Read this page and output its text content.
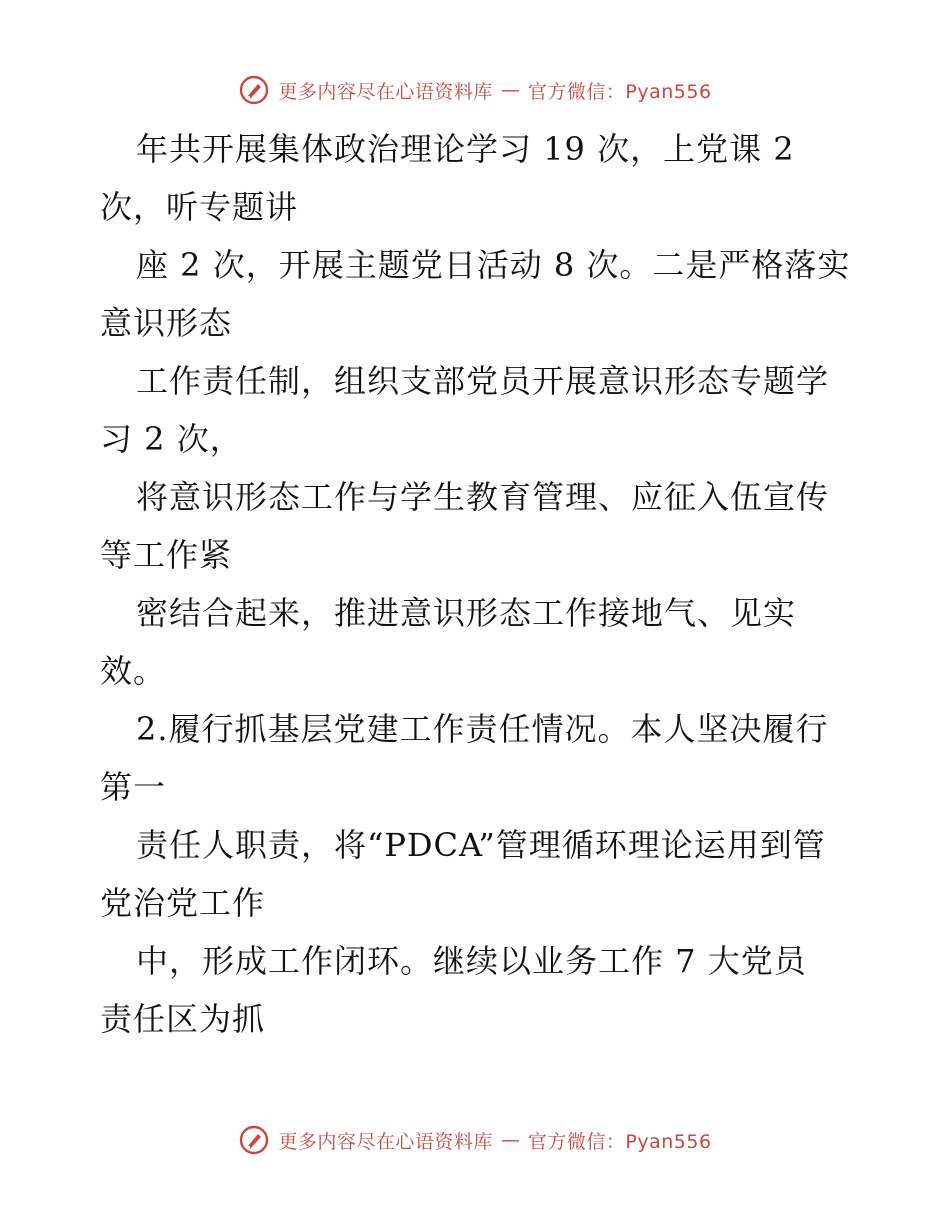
更多内容尽在心语资料库 — 官方微信：Pyan556
年共开展集体政治理论学习 19 次，上党课 2
次，听专题讲
座 2 次，开展主题党日活动 8 次。二是严格落实
意识形态
工作责任制，组织支部党员开展意识形态专题学
习 2 次，
将意识形态工作与学生教育管理、应征入伍宣传
等工作紧
密结合起来，推进意识形态工作接地气、见实
效。
2.履行抓基层党建工作责任情况。本人坚决履行
第一
责任人职责，将“PDCA”管理循环理论运用到管
党治党工作
中，形成工作闭环。继续以业务工作 7 大党员
责任区为抓
更多内容尽在心语资料库 — 官方微信：Pyan556
